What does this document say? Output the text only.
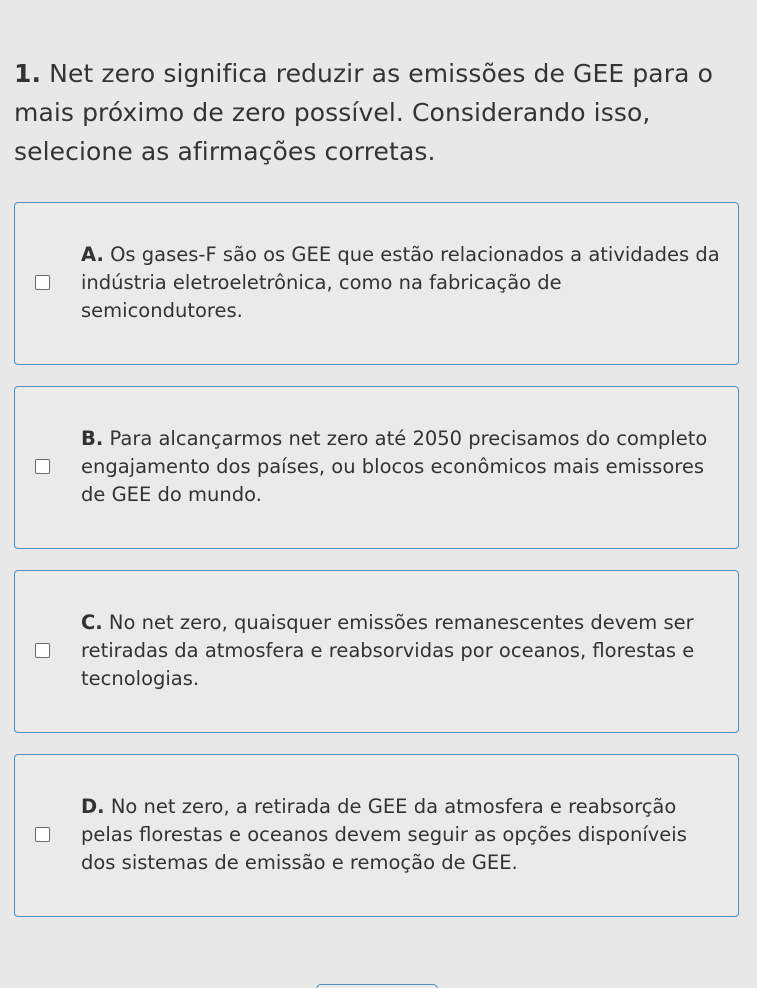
1. Net zero significa reduzir as emissões de GEE para o mais próximo de zero possível. Considerando isso, selecione as afirmações corretas.
A. Os gases-F são os GEE que estão relacionados a atividades da indústria eletroeletrônica, como na fabricação de semicondutores.
B. Para alcançarmos net zero até 2050 precisamos do completo engajamento dos países, ou blocos econômicos mais emissores de GEE do mundo.
C. No net zero, quaisquer emissões remanescentes devem ser retiradas da atmosfera e reabsorvidas por oceanos, florestas e tecnologias.
D. No net zero, a retirada de GEE da atmosfera e reabsorção pelas florestas e oceanos devem seguir as opções disponíveis dos sistemas de emissão e remoção de GEE.
